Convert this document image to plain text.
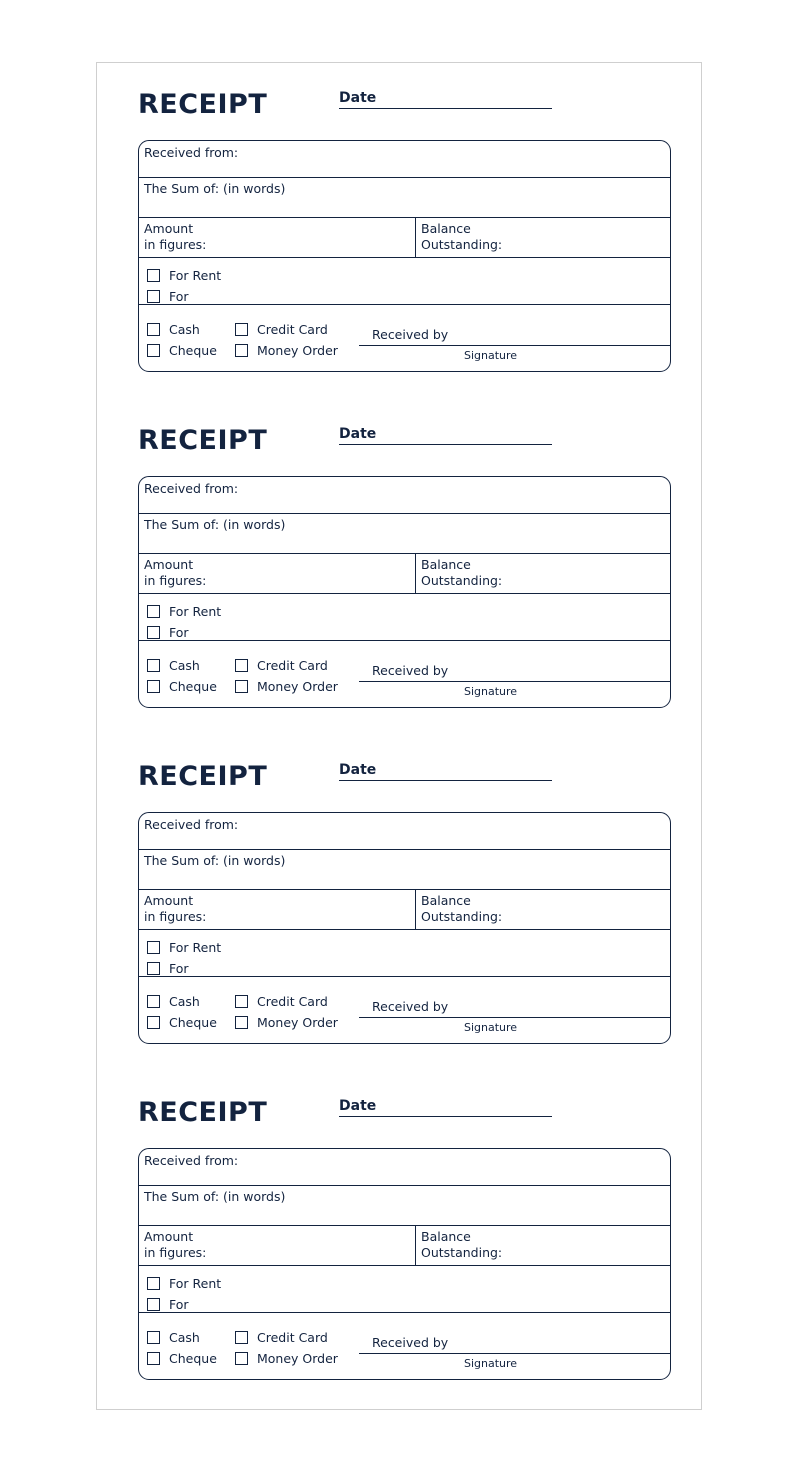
RECEIPT	Date
Received from:
The Sum of: (in words)
Amount
in figures:
Balance
Outstanding:
For Rent
For
Cash	Credit Card
Cheque	Money Order
Received by
Signature
RECEIPT	Date
Received from:
The Sum of: (in words)
Amount
in figures:
Balance
Outstanding:
For Rent
For
Cash	Credit Card
Cheque	Money Order
Received by
Signature
RECEIPT	Date
Received from:
The Sum of: (in words)
Amount
in figures:
Balance
Outstanding:
For Rent
For
Cash	Credit Card
Cheque	Money Order
Received by
Signature
RECEIPT	Date
Received from:
The Sum of: (in words)
Amount
in figures:
Balance
Outstanding:
For Rent
For
Cash	Credit Card
Cheque	Money Order
Received by
Signature
